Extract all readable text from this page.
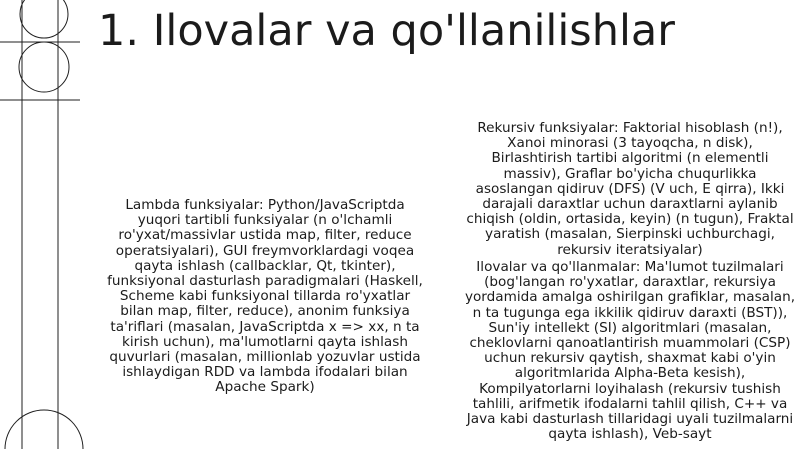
1. Ilovalar va qo'llanilishlar

Lambda funksiyalar: Python/JavaScriptda yuqori tartibli funksiyalar (n o'lchamli ro'yxat/massivlar ustida map, filter, reduce operatsiyalari), GUI freymvorklardagi voqea qayta ishlash (callbacklar, Qt, tkinter), funksiyonal dasturlash paradigmalari (Haskell, Scheme kabi funksiyonal tillarda ro'yxatlar bilan map, filter, reduce), anonim funksiya ta'riflari (masalan, JavaScriptda x => xx, n ta kirish uchun), ma'lumotlarni qayta ishlash quvurlari (masalan, millionlab yozuvlar ustida ishlaydigan RDD va lambda ifodalari bilan Apache Spark)

Rekursiv funksiyalar: Faktorial hisoblash (n!), Xanoi minorasi (3 tayoqcha, n disk), Birlashtirish tartibi algoritmi (n elementli massiv), Graflar bo'yicha chuqurlikka asoslangan qidiruv (DFS) (V uch, E qirra), Ikki darajali daraxtlar uchun daraxtlarni aylanib chiqish (oldin, ortasida, keyin) (n tugun), Fraktal yaratish (masalan, Sierpinski uchburchagi, rekursiv iteratsiyalar)

Ilovalar va qo'llanmalar: Ma'lumot tuzilmalari (bog'langan ro'yxatlar, daraxtlar, rekursiya yordamida amalga oshirilgan grafiklar, masalan, n ta tugunga ega ikkilik qidiruv daraxti (BST)), Sun'iy intellekt (SI) algoritmlari (masalan, cheklovlarni qanoatlantirish muammolari (CSP) uchun rekursiv qaytish, shaxmat kabi o'yin algoritmlarida Alpha-Beta kesish), Kompilyatorlarni loyihalash (rekursiv tushish tahlili, arifmetik ifodalarni tahlil qilish, C++ va Java kabi dasturlash tillaridagi uyali tuzilmalarni qayta ishlash), Veb-sayt
